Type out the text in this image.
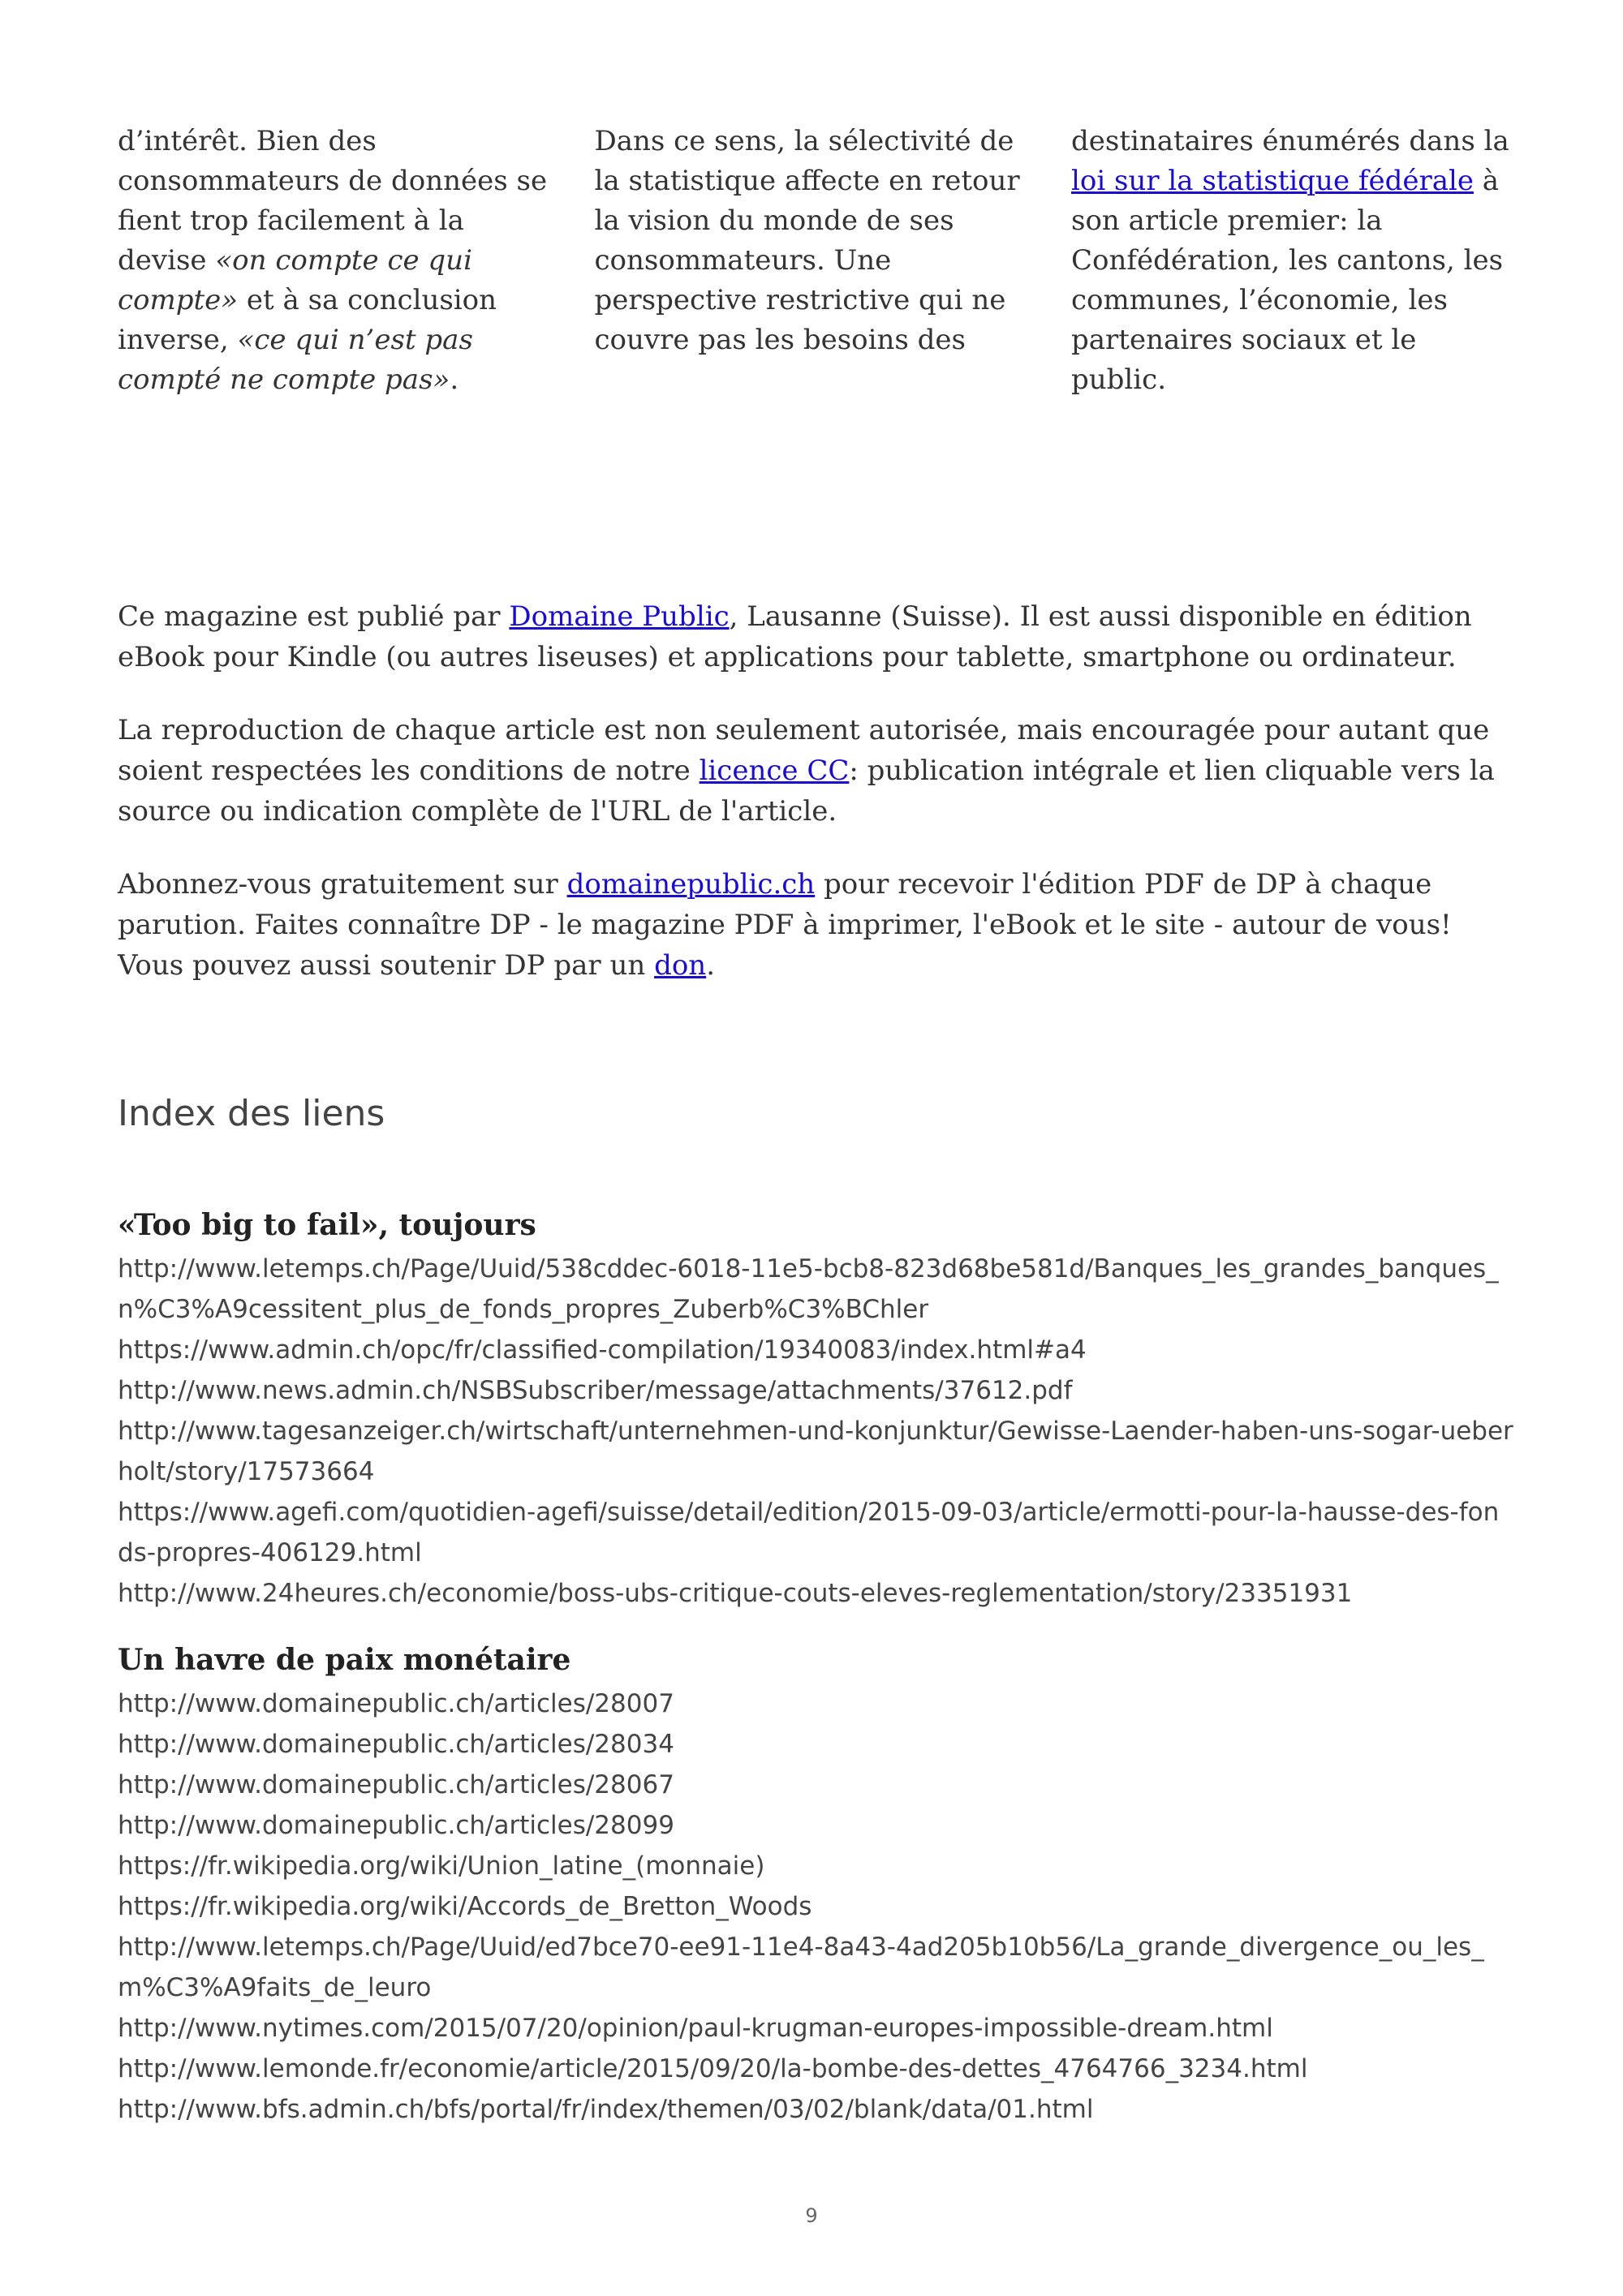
d’intérêt. Bien des consommateurs de données se fient trop facilement à la devise «on compte ce qui compte» et à sa conclusion inverse, «ce qui n’est pas compté ne compte pas».

Dans ce sens, la sélectivité de la statistique affecte en retour la vision du monde de ses consommateurs. Une perspective restrictive qui ne couvre pas les besoins des

destinataires énumérés dans la loi sur la statistique fédérale à son article premier: la Confédération, les cantons, les communes, l’économie, les partenaires sociaux et le public.

Ce magazine est publié par Domaine Public, Lausanne (Suisse). Il est aussi disponible en édition eBook pour Kindle (ou autres liseuses) et applications pour tablette, smartphone ou ordinateur.

La reproduction de chaque article est non seulement autorisée, mais encouragée pour autant que soient respectées les conditions de notre licence CC: publication intégrale et lien cliquable vers la source ou indication complète de l'URL de l'article.

Abonnez-vous gratuitement sur domainepublic.ch pour recevoir l'édition PDF de DP à chaque parution. Faites connaître DP - le magazine PDF à imprimer, l'eBook et le site - autour de vous! Vous pouvez aussi soutenir DP par un don.

Index des liens
«Too big to fail», toujours
http://www.letemps.ch/Page/Uuid/538cddec-6018-11e5-bcb8-823d68be581d/Banques_les_grandes_banques_n%C3%A9cessitent_plus_de_fonds_propres_Zuberb%C3%BChler
https://www.admin.ch/opc/fr/classified-compilation/19340083/index.html#a4
http://www.news.admin.ch/NSBSubscriber/message/attachments/37612.pdf
http://www.tagesanzeiger.ch/wirtschaft/unternehmen-und-konjunktur/Gewisse-Laender-haben-uns-sogar-ueberholt/story/17573664
https://www.agefi.com/quotidien-agefi/suisse/detail/edition/2015-09-03/article/ermotti-pour-la-hausse-des-fonds-propres-406129.html
http://www.24heures.ch/economie/boss-ubs-critique-couts-eleves-reglementation/story/23351931
Un havre de paix monétaire
http://www.domainepublic.ch/articles/28007
http://www.domainepublic.ch/articles/28034
http://www.domainepublic.ch/articles/28067
http://www.domainepublic.ch/articles/28099
https://fr.wikipedia.org/wiki/Union_latine_(monnaie)
https://fr.wikipedia.org/wiki/Accords_de_Bretton_Woods
http://www.letemps.ch/Page/Uuid/ed7bce70-ee91-11e4-8a43-4ad205b10b56/La_grande_divergence_ou_les_m%C3%A9faits_de_leuro
http://www.nytimes.com/2015/07/20/opinion/paul-krugman-europes-impossible-dream.html
http://www.lemonde.fr/economie/article/2015/09/20/la-bombe-des-dettes_4764766_3234.html
http://www.bfs.admin.ch/bfs/portal/fr/index/themen/03/02/blank/data/01.html
9
